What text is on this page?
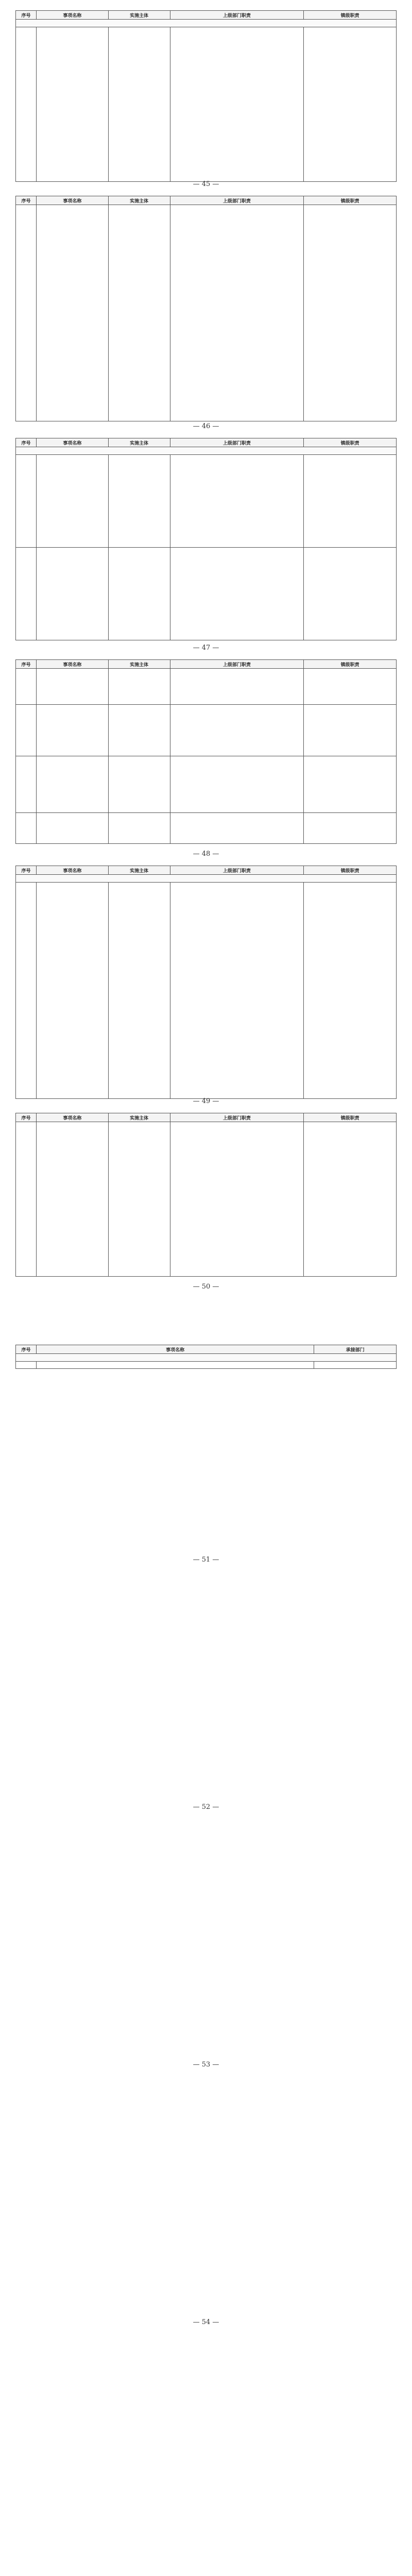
序号	事项名称	实施主体	上级部门职责	镇级职责

— 45 —
序号	事项名称	实施主体	上级部门职责	镇级职责

— 46 —
序号	事项名称	实施主体	上级部门职责	镇级职责

— 47 —
序号	事项名称	实施主体	上级部门职责	镇级职责

— 48 —
序号	事项名称	实施主体	上级部门职责	镇级职责

— 49 —
序号	事项名称	实施主体	上级部门职责	镇级职责

— 50 —
序号	事项名称	承接部门

— 51 —
— 52 —
— 53 —
— 54 —
